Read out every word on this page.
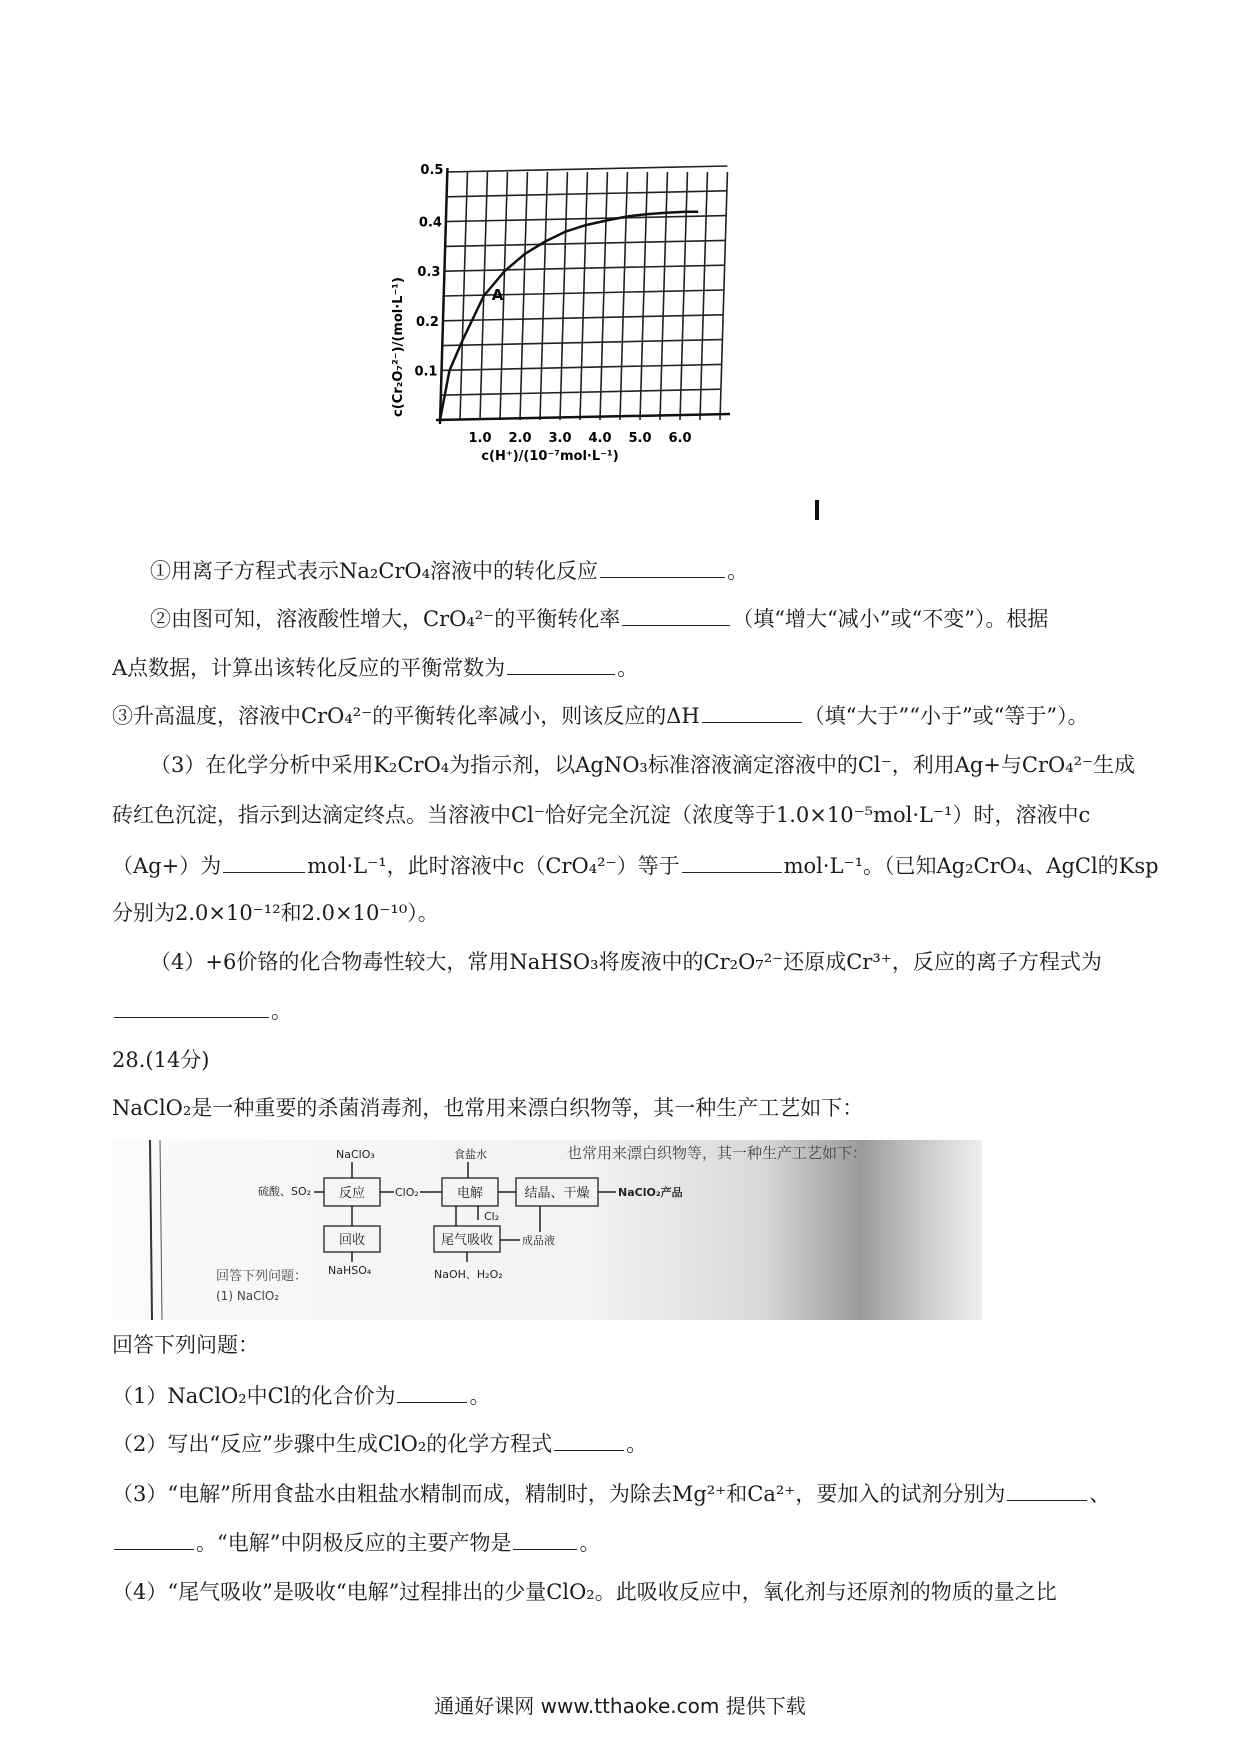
A
0.5
0.4
0.3
0.2
0.1
1.0 2.0 3.0 4.0 5.0 6.0
c(Cr₂O₇²⁻)/(mol·L⁻¹)
c(H⁺)/(10⁻⁷mol·L⁻¹)
①用离子方程式表示Na₂CrO₄溶液中的转化反应	。
②由图可知，溶液酸性增大，CrO₄²⁻的平衡转化率	（填“增大“减小”或“不变”）。根据
A点数据，计算出该转化反应的平衡常数为	。
③升高温度，溶液中CrO₄²⁻的平衡转化率减小，则该反应的ΔH	（填“大于”“小于”或“等于”）。
（3）在化学分析中采用K₂CrO₄为指示剂，以AgNO₃标准溶液滴定溶液中的Cl⁻，利用Ag+与CrO₄²⁻生成
砖红色沉淀，指示到达滴定终点。当溶液中Cl⁻恰好完全沉淀（浓度等于1.0×10⁻⁵mol·L⁻¹）时，溶液中c
（Ag+）为	mol·L⁻¹，此时溶液中c（CrO₄²⁻）等于	mol·L⁻¹。（已知Ag₂CrO₄、AgCl的Ksp
分别为2.0×10⁻¹²和2.0×10⁻¹⁰）。
（4）+6价铬的化合物毒性较大，常用NaHSO₃将废液中的Cr₂O₇²⁻还原成Cr³⁺，反应的离子方程式为
。
28.(14分)
NaClO₂是一种重要的杀菌消毒剂，也常用来漂白织物等，其一种生产工艺如下：
也常用来漂白织物等，其一种生产工艺如下：
NaClO₃
硫酸、SO₂ 反应	ClO₂
食盐水
电解
Cl₂
结晶、干燥	NaClO₂产品
回收
NaHSO₄
尾气吸收	成品液
NaOH、H₂O₂
回答下列问题：
(1) NaClO₂
回答下列问题：
（1）NaClO₂中Cl的化合价为	。
（2）写出“反应”步骤中生成ClO₂的化学方程式	。
（3）“电解”所用食盐水由粗盐水精制而成，精制时，为除去Mg²⁺和Ca²⁺，要加入的试剂分别为	、
。“电解”中阴极反应的主要产物是	。
（4）“尾气吸收”是吸收“电解”过程排出的少量ClO₂。此吸收反应中，氧化剂与还原剂的物质的量之比
通通好课网 www.tthaoke.com 提供下载
